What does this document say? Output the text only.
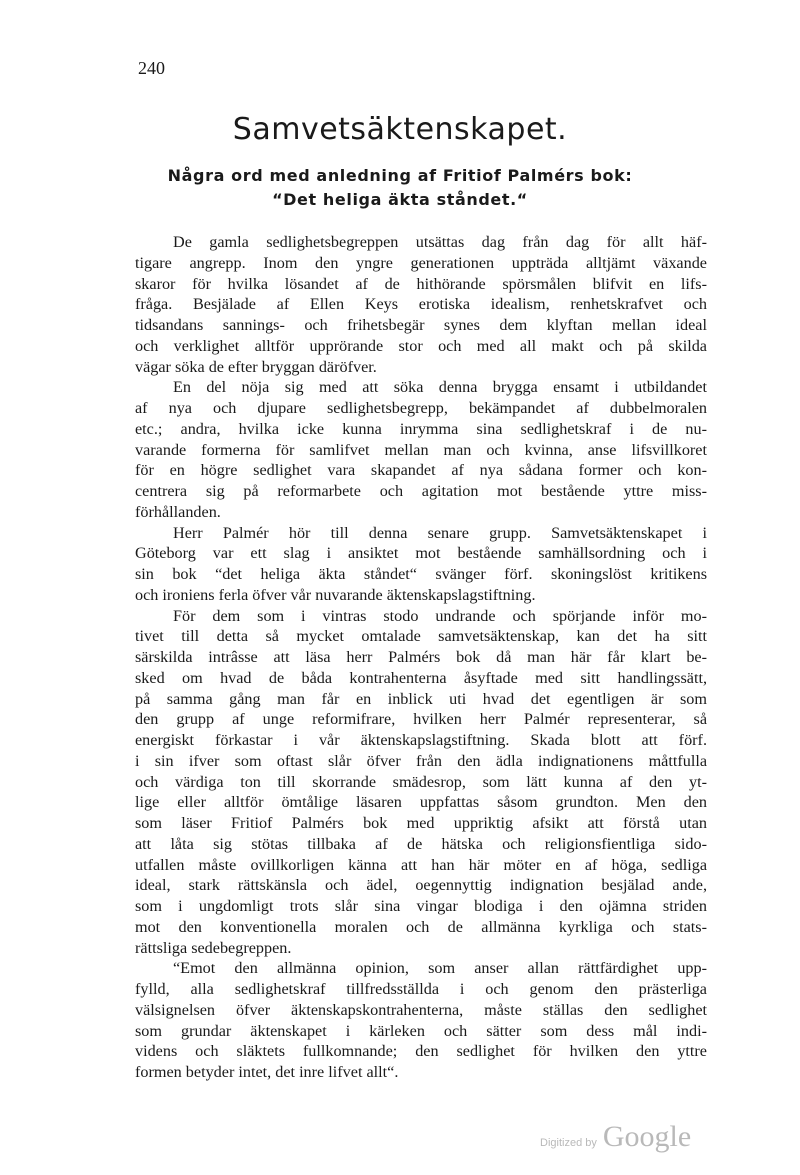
240
Samvetsäktenskapet.
Några ord med anledning af Fritiof Palmérs bok:
“Det heliga äkta ståndet.“
De gamla sedlighetsbegreppen utsättas dag från dag för allt häf-
tigare angrepp. Inom den yngre generationen uppträda alltjämt växande
skaror för hvilka lösandet af de hithörande spörsmålen blifvit en lifs-
fråga. Besjälade af Ellen Keys erotiska idealism, renhetskrafvet och
tidsandans sannings- och frihetsbegär synes dem klyftan mellan ideal
och verklighet alltför upprörande stor och med all makt och på skilda
vägar söka de efter bryggan däröfver.
En del nöja sig med att söka denna brygga ensamt i utbildandet
af nya och djupare sedlighetsbegrepp, bekämpandet af dubbelmoralen
etc.; andra, hvilka icke kunna inrymma sina sedlighetskraf i de nu-
varande formerna för samlifvet mellan man och kvinna, anse lifsvillkoret
för en högre sedlighet vara skapandet af nya sådana former och kon-
centrera sig på reformarbete och agitation mot bestående yttre miss-
förhållanden.
Herr Palmér hör till denna senare grupp. Samvetsäktenskapet i
Göteborg var ett slag i ansiktet mot bestående samhällsordning och i
sin bok “det heliga äkta ståndet“ svänger förf. skoningslöst kritikens
och ironiens ferla öfver vår nuvarande äktenskapslagstiftning.
För dem som i vintras stodo undrande och spörjande inför mo-
tivet till detta så mycket omtalade samvetsäktenskap, kan det ha sitt
särskilda intrâsse att läsa herr Palmérs bok då man här får klart be-
sked om hvad de båda kontrahenterna åsyftade med sitt handlingssätt,
på samma gång man får en inblick uti hvad det egentligen är som
den grupp af unge reformifrare, hvilken herr Palmér representerar, så
energiskt förkastar i vår äktenskapslagstiftning. Skada blott att förf.
i sin ifver som oftast slår öfver från den ädla indignationens måttfulla
och värdiga ton till skorrande smädesrop, som lätt kunna af den yt-
lige eller alltför ömtålige läsaren uppfattas såsom grundton. Men den
som läser Fritiof Palmérs bok med uppriktig afsikt att förstå utan
att låta sig stötas tillbaka af de hätska och religionsfientliga sido-
utfallen måste ovillkorligen känna att han här möter en af höga, sedliga
ideal, stark rättskänsla och ädel, oegennyttig indignation besjälad ande,
som i ungdomligt trots slår sina vingar blodiga i den ojämna striden
mot den konventionella moralen och de allmänna kyrkliga och stats-
rättsliga sedebegreppen.
“Emot den allmänna opinion, som anser allan rättfärdighet upp-
fylld, alla sedlighetskraf tillfredsställda i och genom den prästerliga
välsignelsen öfver äktenskapskontrahenterna, måste ställas den sedlighet
som grundar äktenskapet i kärleken och sätter som dess mål indi-
videns och släktets fullkomnande; den sedlighet för hvilken den yttre
formen betyder intet, det inre lifvet allt“.
Digitized by Google
